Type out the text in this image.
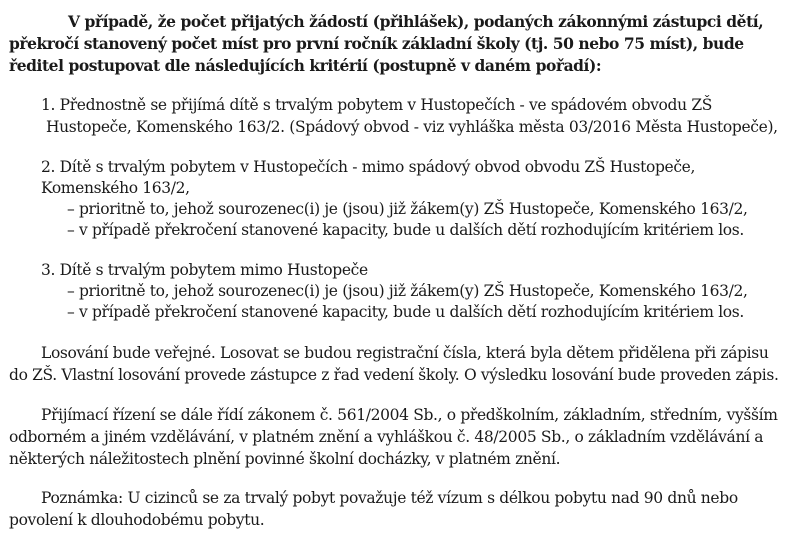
V případě, že počet přijatých žádostí (přihlášek), podaných zákonnými zástupci dětí,
překročí stanovený počet míst pro první ročník základní školy (tj. 50 nebo 75 míst), bude
ředitel postupovat dle následujících kritérií (postupně v daném pořadí):
1. Přednostně se přijímá dítě s trvalým pobytem v Hustopečích - ve spádovém obvodu ZŠ
Hustopeče, Komenského 163/2. (Spádový obvod - viz vyhláška města 03/2016 Města Hustopeče),
2. Dítě s trvalým pobytem v Hustopečích - mimo spádový obvod obvodu ZŠ Hustopeče,
Komenského 163/2,
– prioritně to, jehož sourozenec(i) je (jsou) již žákem(y) ZŠ Hustopeče, Komenského 163/2,
– v případě překročení stanovené kapacity, bude u dalších dětí rozhodujícím kritériem los.
3. Dítě s trvalým pobytem mimo Hustopeče
– prioritně to, jehož sourozenec(i) je (jsou) již žákem(y) ZŠ Hustopeče, Komenského 163/2,
– v případě překročení stanovené kapacity, bude u dalších dětí rozhodujícím kritériem los.
Losování bude veřejné. Losovat se budou registrační čísla, která byla dětem přidělena při zápisu
do ZŠ. Vlastní losování provede zástupce z řad vedení školy. O výsledku losování bude proveden zápis.
Přijímací řízení se dále řídí zákonem č. 561/2004 Sb., o předškolním, základním, středním, vyšším
odborném a jiném vzdělávání, v platném znění a vyhláškou č. 48/2005 Sb., o základním vzdělávání a
některých náležitostech plnění povinné školní docházky, v platném znění.
Poznámka: U cizinců se za trvalý pobyt považuje též vízum s délkou pobytu nad 90 dnů nebo
povolení k dlouhodobému pobytu.
